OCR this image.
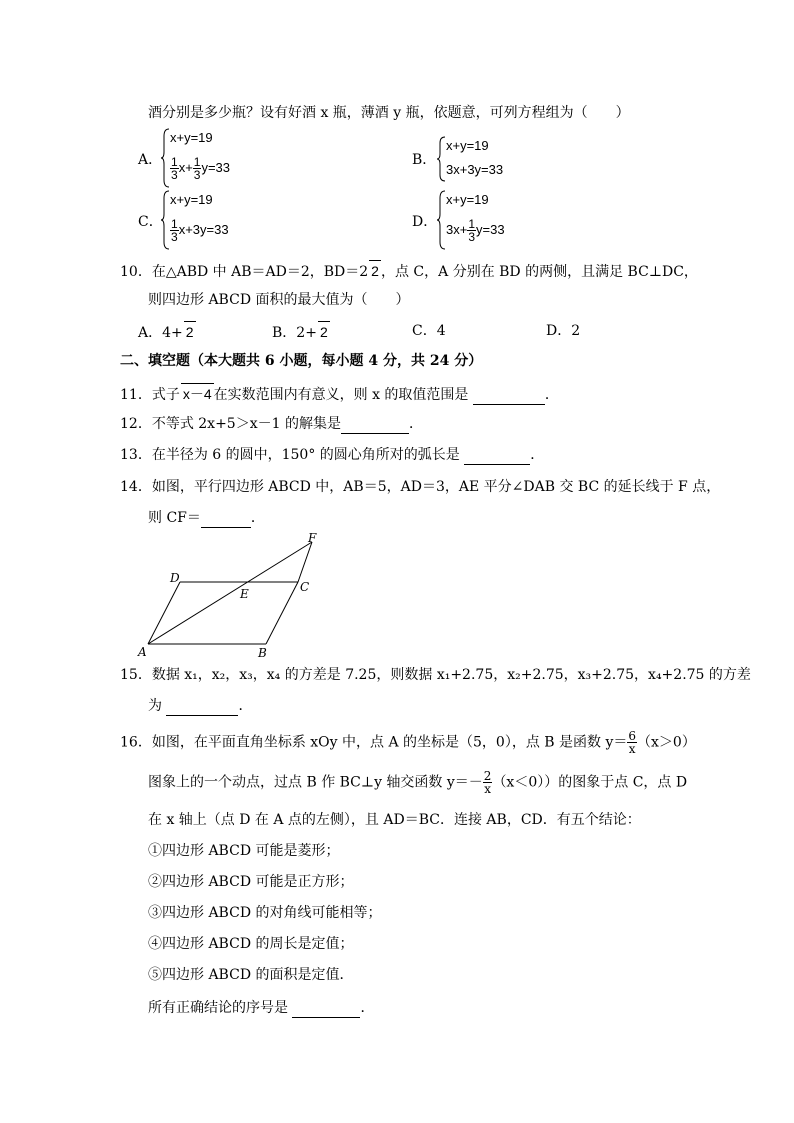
酒分别是多少瓶？设有好酒 x 瓶，薄酒 y 瓶，依题意，可列方程组为（　　）
A．
x+y=19
$\frac{1}{3} x+ \frac{1}{3} y=33$	B．
x+y=19
3x+3y=33
C．
x+y=19
$\frac{1}{3} x+3y=33$	D．
x+y=19
$3x+ \frac{1}{3} y=33$
10．在△ABD 中 AB＝AD＝2，BD＝2 2 ，点 C，A 分别在 BD 的两侧，且满足 BC⊥DC，
则四边形 ABCD 面积的最大值为（　　）
A．4+ 2	B．2+ 2	C．4	D．2
二、填空题（本大题共 6 小题，每小题 4 分，共 24 分）
11．式子 x－4 在实数范围内有意义，则 x 的取值范围是	．
12．不等式 2x+5＞x－1 的解集是	．
13．在半径为 6 的圆中，150° 的圆心角所对的弧长是	．
14．如图，平行四边形 ABCD 中，AB＝5，AD＝3，AE 平分∠DAB 交 BC 的延长线于 F 点，
则 CF＝	．
A	B
C
D
E
F
15．数据 x₁，x₂，x₃，x₄ 的方差是 7.25，则数据 x₁+2.75，x₂+2.75，x₃+2.75，x₄+2.75 的方差
为	．
16．如图，在平面直角坐标系 xOy 中，点 A 的坐标是（5，0），点 B 是函数 $y= \frac{6}{x} (x>0)$
图象上的一个动点，过点 B 作 BC⊥y 轴交函数 $y=- \frac{2}{x} (x<0)$）的图象于点 C，点 D
在 x 轴上（点 D 在 A 点的左侧），且 AD＝BC．连接 AB，CD．有五个结论：
①四边形 ABCD 可能是菱形；
②四边形 ABCD 可能是正方形；
③四边形 ABCD 的对角线可能相等；
④四边形 ABCD 的周长是定值；
⑤四边形 ABCD 的面积是定值．
所有正确结论的序号是	．
